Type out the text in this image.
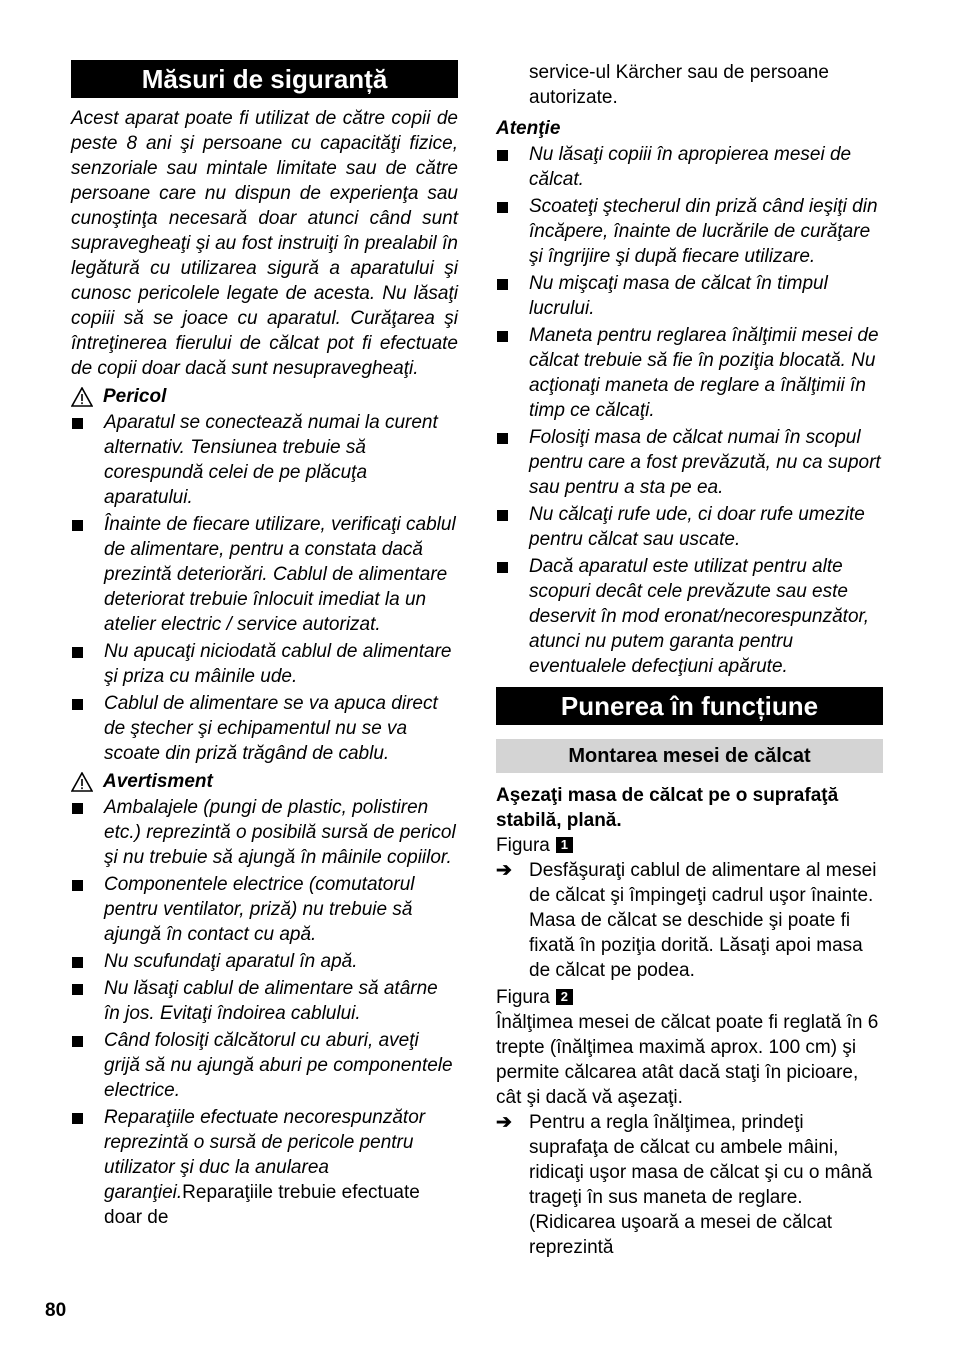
Măsuri de siguranță

Acest aparat poate fi utilizat de către copii de peste 8 ani şi persoane cu capacităţi fizice, senzoriale sau mintale limitate sau de către persoane care nu dispun de experienţa sau cunoştinţa necesară doar atunci când sunt supravegheaţi şi au fost instruiţi în prealabil în legătură cu utilizarea sigură a aparatului şi cunosc pericolele legate de acesta. Nu lăsaţi copiii să se joace cu aparatul. Curăţarea şi întreţinerea fierului de călcat pot fi efectuate de copii doar dacă sunt nesupravegheaţi.

Pericol
Aparatul se conectează numai la curent alternativ. Tensiunea trebuie să corespundă celei de pe plăcuţa aparatului.
Înainte de fiecare utilizare, verificaţi cablul de alimentare, pentru a constata dacă prezintă deteriorări. Cablul de alimentare deteriorat trebuie înlocuit imediat la un atelier electric / service autorizat.
Nu apucaţi niciodată cablul de alimentare şi priza cu mâinile ude.
Cablul de alimentare se va apuca direct de ştecher şi echipamentul nu se va scoate din priză trăgând de cablu.
Avertisment
Ambalajele (pungi de plastic, polistiren etc.) reprezintă o posibilă sursă de pericol şi nu trebuie să ajungă în mâinile copiilor.
Componentele electrice (comutatorul pentru ventilator, priză) nu trebuie să ajungă în contact cu apă.
Nu scufundaţi aparatul în apă.
Nu lăsaţi cablul de alimentare să atârne în jos. Evitaţi îndoirea cablului.
Când folosiţi călcătorul cu aburi, aveţi grijă să nu ajungă aburi pe componentele electrice.
Reparaţiile efectuate necorespunzător reprezintă o sursă de pericole pentru utilizator şi duc la anularea garanţiei.Reparaţiile trebuie efectuate doar de

service-ul Kärcher sau de persoane autorizate.

Atenţie
Nu lăsaţi copiii în apropierea mesei de călcat.
Scoateţi ştecherul din priză când ieşiţi din încăpere, înainte de lucrările de curăţare şi îngrijire şi după fiecare utilizare.
Nu mişcaţi masa de călcat în timpul lucrului.
Maneta pentru reglarea înălţimii mesei de călcat trebuie să fie în poziţia blocată. Nu acţionaţi maneta de reglare a înălţimii în timp ce călcaţi.
Folosiţi masa de călcat numai în scopul pentru care a fost prevăzută, nu ca suport sau pentru a sta pe ea.
Nu călcaţi rufe ude, ci doar rufe umezite pentru călcat sau uscate.
Dacă aparatul este utilizat pentru alte scopuri decât cele prevăzute sau este deservit în mod eronat/necorespunzător, atunci nu putem garanta pentru eventualele defecţiuni apărute.
Punerea în funcțiune
Montarea mesei de călcat

Aşezaţi masa de călcat pe o suprafaţă stabilă, plană.

Figura 1

➔ Desfăşuraţi cablul de alimentare al mesei de călcat şi împingeţi cadrul uşor înainte. Masa de călcat se deschide şi poate fi fixată în poziţia dorită. Lăsaţi apoi masa de călcat pe podea.

Figura 2

Înălţimea mesei de călcat poate fi reglată în 6 trepte (înălţimea maximă aprox. 100 cm) şi permite călcarea atât dacă staţi în picioare, cât şi dacă vă aşezaţi.

➔ Pentru a regla înălţimea, prindeţi suprafaţa de călcat cu ambele mâini, ridicaţi uşor masa de călcat şi cu o mână trageţi în sus maneta de reglare. (Ridicarea uşoară a mesei de călcat reprezintă
80
